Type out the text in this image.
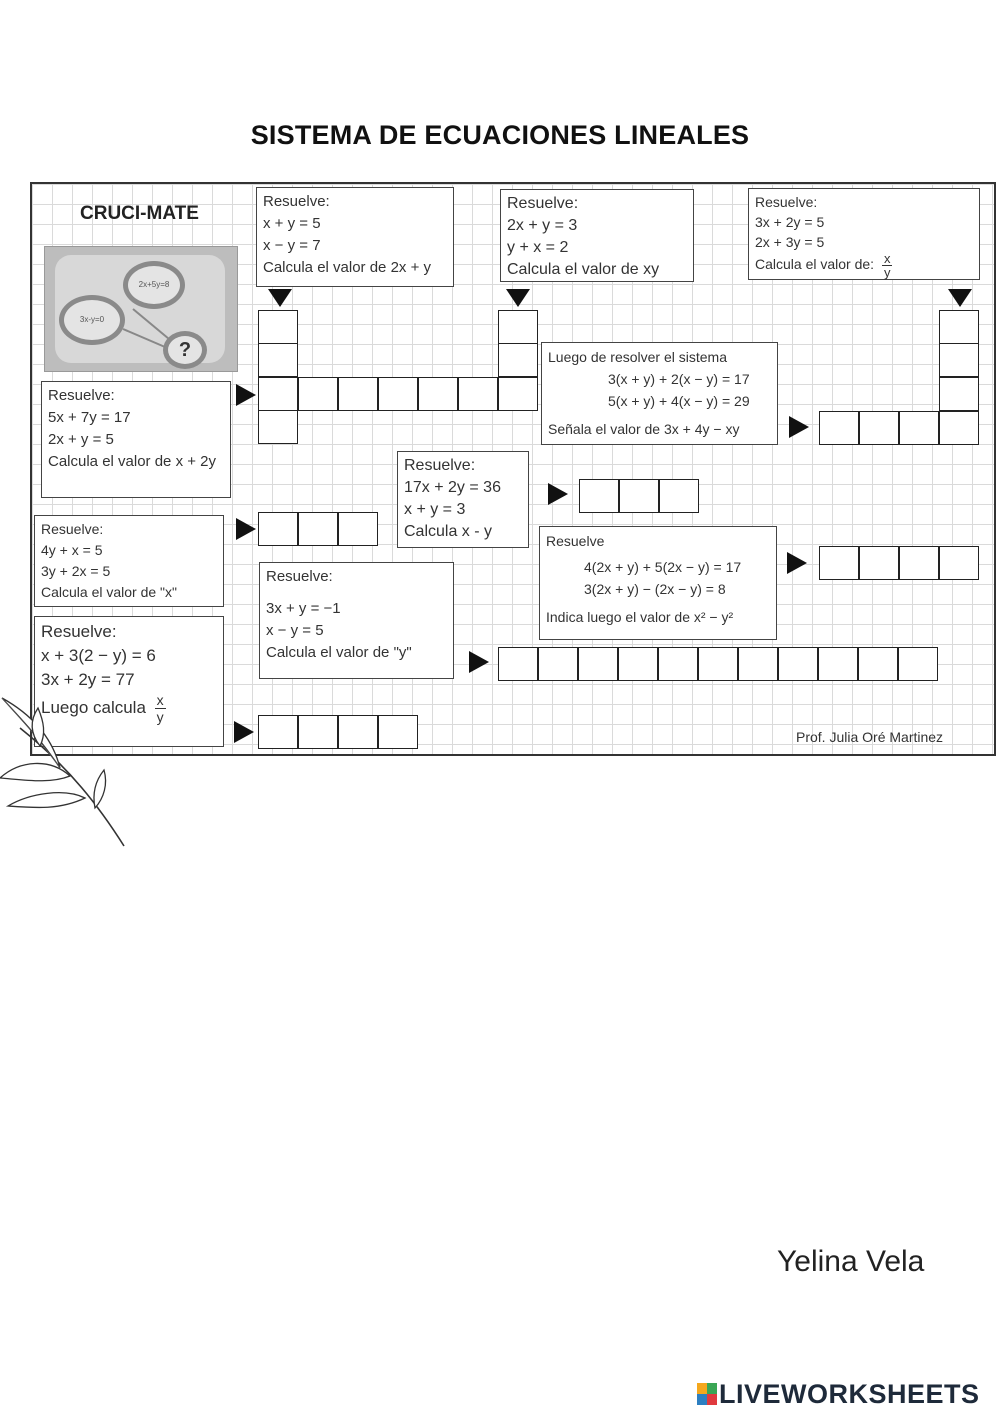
SISTEMA DE ECUACIONES LINEALES
CRUCI-MATE
2x+5y=8
3x-y=0
?
Resuelve:
x + y = 5
x − y = 7
Calcula el valor de 2x + y
Resuelve:
2x + y = 3
y + x = 2
Calcula el valor de xy
Resuelve:
3x + 2y = 5
2x + 3y = 5
Calcula el valor de: $\frac{x}{y}$
Resuelve:
5x + 7y = 17
2x + y = 5
Calcula el valor de x + 2y
Luego de resolver el sistema
3(x + y) + 2(x − y) = 17
5(x + y) + 4(x − y) = 29
Señala el valor de 3x + 4y − xy
Resuelve:
17x + 2y = 36
x + y = 3
Calcula x - y
Resuelve:
4y + x = 5
3y + 2x = 5
Calcula el valor de "x"
Resuelve
4(2x + y) + 5(2x − y) = 17
3(2x + y) − (2x − y) = 8
Indica luego el valor de x² − y²
Resuelve:
3x + y = −1
x − y = 5
Calcula el valor de "y"
Resuelve:
x + 3(2 − y) = 6
3x + 2y = 77
Luego calcula $\frac{x}{y}$
Prof. Julia Oré Martinez
Yelina Vela
LIVEWORKSHEETS
